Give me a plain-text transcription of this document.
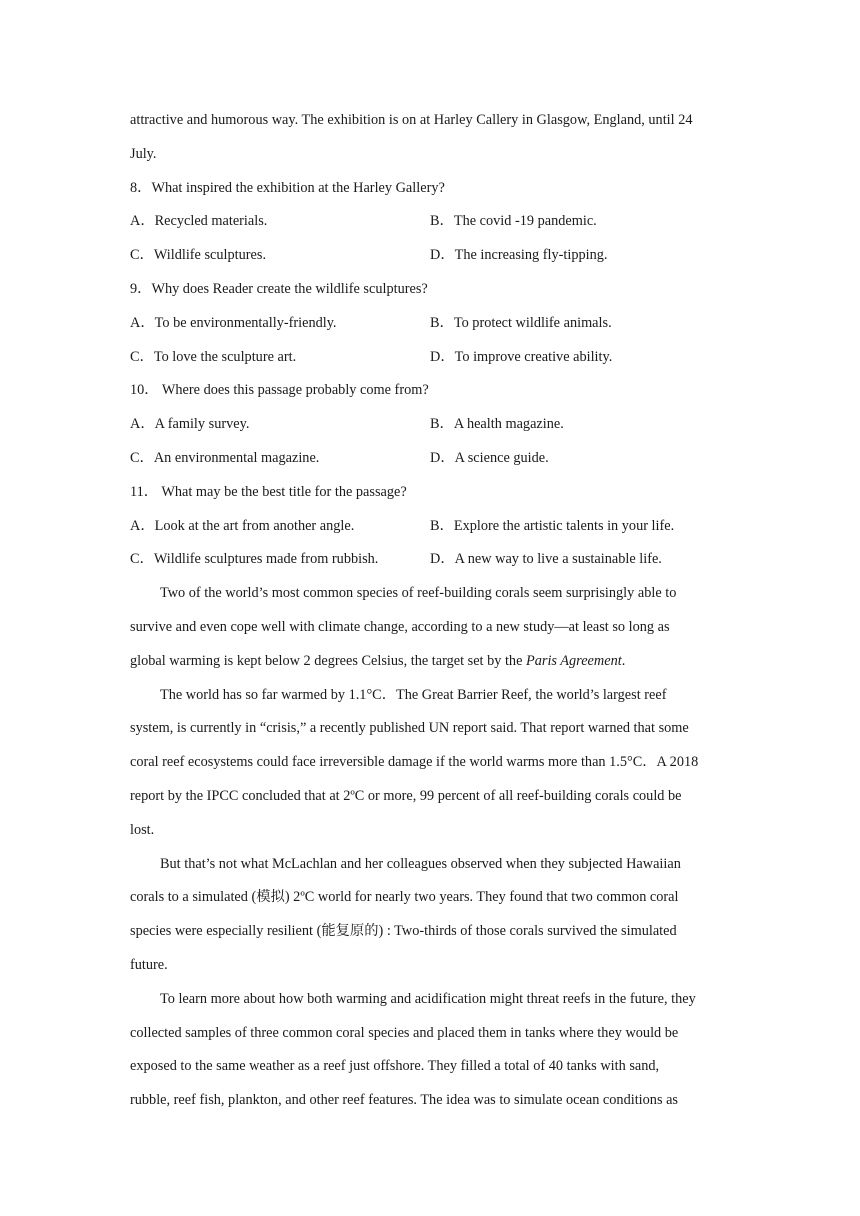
attractive and humorous way. The exhibition is on at Harley Callery in Glasgow, England, until 24
July.
8．What inspired the exhibition at the Harley Gallery?
A．Recycled materials.	B．The covid -19 pandemic.
C．Wildlife sculptures.	D．The increasing fly-tipping.
9．Why does Reader create the wildlife sculptures?
A．To be environmentally-friendly.	B．To protect wildlife animals.
C．To love the sculpture art.	D．To improve creative ability.
10． Where does this passage probably come from?
A．A family survey.	B．A health magazine.
C．An environmental magazine.	D．A science guide.
11． What may be the best title for the passage?
A．Look at the art from another angle.	B．Explore the artistic talents in your life.
C．Wildlife sculptures made from rubbish.	D．A new way to live a sustainable life.
Two of the world’s most common species of reef-building corals seem surprisingly able to
survive and even cope well with climate change, according to a new study—at least so long as
global warming is kept below 2 degrees Celsius, the target set by the Paris Agreement.
The world has so far warmed by 1.1°C．The Great Barrier Reef, the world’s largest reef
system, is currently in “crisis,” a recently published UN report said. That report warned that some
coral reef ecosystems could face irreversible damage if the world warms more than 1.5°C．A 2018
report by the IPCC concluded that at 2ºC or more, 99 percent of all reef-building corals could be
lost.
But that’s not what McLachlan and her colleagues observed when they subjected Hawaiian
corals to a simulated (模拟) 2ºC world for nearly two years. They found that two common coral
species were especially resilient (能复原的) : Two-thirds of those corals survived the simulated
future.
To learn more about how both warming and acidification might threat reefs in the future, they
collected samples of three common coral species and placed them in tanks where they would be
exposed to the same weather as a reef just offshore. They filled a total of 40 tanks with sand,
rubble, reef fish, plankton, and other reef features. The idea was to simulate ocean conditions as
